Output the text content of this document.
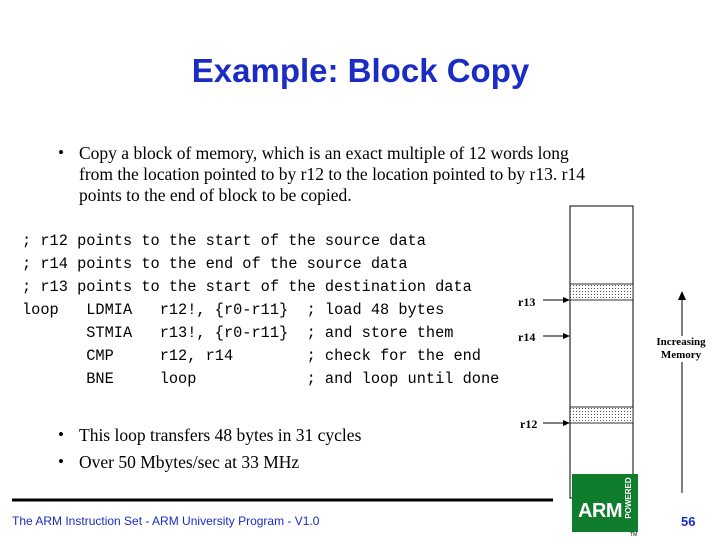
Example: Block Copy
• Copy a block of memory, which is an exact multiple of 12 words long
from the location pointed to by r12 to the location pointed to by r13. r14
points to the end of block to be copied.
; r12 points to the start of the source data
; r14 points to the end of the source data
; r13 points to the start of the destination data
loop   LDMIA   r12!, {r0-r11}  ; load 48 bytes
STMIA   r13!, {r0-r11}  ; and store them
CMP     r12, r14        ; check for the end
BNE     loop            ; and loop until done
r13
r14
r12
Increasing
Memory
• This loop transfers 48 bytes in 31 cycles
• Over 50 Mbytes/sec at 33 MHz
The ARM Instruction Set - ARM University Program - V1.0	ARM POWERED
TM
56
